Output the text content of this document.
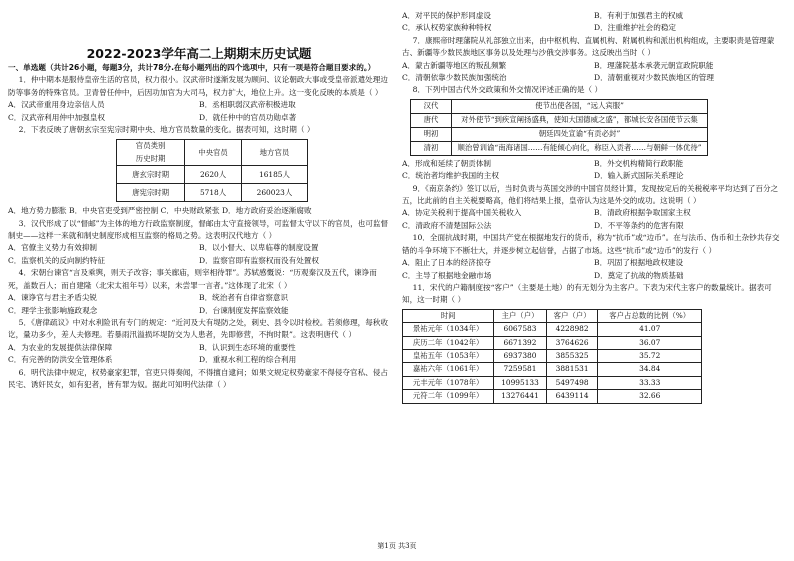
2022-2023学年高二上期期末历史试题

一、单选题（共计26小题，每题3分，共计78分.在每小题列出的四个选项中，只有一项是符合题目要求的。）

1．仲中期本是服侍皇帝生活的官员，权力很小。汉武帝时遂渐发展为顾问、议论朝政大事或受皇帝派遣处理边防等事务的特殊官员。卫青曾任仲中，后因功加官为大司马，权力扩大，地位上升。这一变化反映的本质是（ ）

A．汉武帝重用身边亲信人员	B．丞相职弱汉武帝积极进取
C．汉武帝利用仲中加强皇权	D．就任仲中的官员功勋卓著

2．下表反映了唐朝玄宗至宪宗时期中央、地方官员数量的变化。据表可知，这时期（ ）

官员类别
历史时期	中央官员	地方官员
唐玄宗时期	2620人	16185人
唐宪宗时期	5718人	260023人

A．地方势力膨胀 B．中央官吏受到严密控制 C．中央财政紧张 D．地方政府妥治逐渐腐败

3．汉代形成了以“督邮”为主体的地方行政监察制度，督邮由太守直接领导，可监督太守以下的官员，也可监督制史——这样一来就和制史制度形成相互监察的格局之势。这表明汉代地方（ ）

A．官僚主义势力有效抑制	B．以小督大、以卑临尊的制度设置
C．监察机关的反向制约特征	D．监察官即有监察权而没有处置权

4．宋朝台谏官“言及乘舆，则天子改容；事关廊庙，则宰相待罪”。苏轼感慨说：“历观秦汉及五代，谏诤而死，盖数百人；而自建隆（北宋太祖年号）以来，未尝罪一言者。”这体现了北宋（ ）

A．谏诤官与君主矛盾尖锐	B．统治者有自律省察意识
C．理学主张影响施政观念	D．台谏制度发挥监察效能

5．《唐律疏议》中对水利险讯有专门的规定：“近河及大有堤防之处，刺史、县令以时检校。若须修理，每秋收讫，量功多少，差人夫修理。若暴雨汛溢损坏堤防交为人患者，先即修营，不拘时限”。这表明唐代（ ）

A．为农业的发展提供法律保障	B．认识到生态环境的重要性
C．有完善的防洪安全管理体系	D．重视水利工程的综合利用

6．明代法律中规定，权势豪家犯罪，官吏只得奏闻，不得擅自逮问；如果文规定权势豪家不得侵夺官私、侵占民宅、诱奸民女，如有犯者，皆有罪为奴。据此可知明代法律（ ）

A．对平民的保护形同虚设	B．有利于加强君主的权威
C．承认权势家族种种特权	D．注重维护社会的稳定

7．康熙帝时理藩院从礼部独立出来，由中枢机构、直属机构、附属机构和派出机构组成，主要职责是管理蒙古、新疆等少数民族地区事务以及处理与沙俄交涉事务。这反映出当时（ ）

A．蒙古新疆等地区的叛乱频繁	B．理藩院基本承袭元朝宣政院职能
C．清朝依靠少数民族加强统治	D．清朝重视对少数民族地区的管理

8．下列中国古代外交政策和外交情况评述正确的是（ ）

汉代	使节出使各国，“远人宾服”
唐代	对外使节“到疾宣阐扬盛典，使知大国德威之盛”，都城长安各国使节云集
明初	朝廷四处宣谕“有贡必封”
清初	顺治曾训谕“南海诸国……有能倾心向化，称臣入贡者……与朝鲜一体优待”
A．形成和延续了朝贡体制	B．外交机构精简行政职能
C．统治者均维护我国的主权	D．输入新式国际关系理论

9．《南京条约》签订以后，当时负责与英国交涉的中国官员经计算，发现按定后的关税税率平均达到了百分之五，比此前的自主关税要略高，他们将结果上报，皇帝认为这是外交的成功。这说明（ ）

A．协定关税利于提高中国关税收入	B．清政府根据争取国家主权
C．清政府不清楚国际公法	D．不平等条约的危害有限

10．全面抗战时期，中国共产党在根据地发行的货币，称为“抗币”或“边币”。在与法币、伪币和土杂钞共存交错的斗争环境下不断壮大，并逐步树立起信誉，占据了市场。这些“抗币”或“边币”的发行（ ）

A．阻止了日本的经济掠夺	B．巩固了根据地政权建设
C．主导了根据地金融市场	D．奠定了抗战的物质基础

11．宋代的户籍制度按“客户”（主要是土地）的有无划分为主客户。下表为宋代主客户的数量统计。据表可知，这一时期（ ）

时间	主户（户）	客户（户）	客户占总数的比例（%）
景祐元年（1034年）	6067583	4228982	41.07
庆历二年（1042年）	6671392	3764626	36.07
皇祐五年（1053年）	6937380	3855325	35.72
嘉祐六年（1061年）	7259581	3881531	34.84
元丰元年（1078年）	10995133	5497498	33.33
元符二年（1099年）	13276441	6439114	32.66
第1页 共3页
